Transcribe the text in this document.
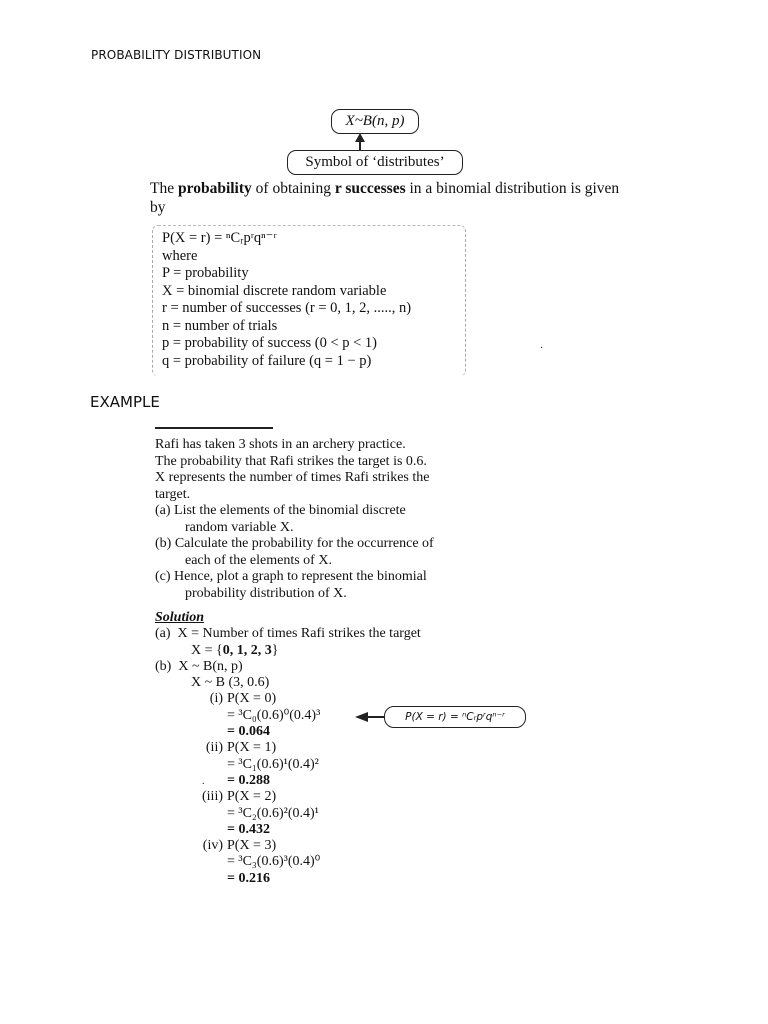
PROBABILITY DISTRIBUTION
X~B(n, p)
Symbol of ‘distributes’
The probability of obtaining r successes in a binomial distribution is given by
P(X = r) = ⁿCᵣpʳqⁿ⁻ʳ
where
P = probability
X = binomial discrete random variable
r = number of successes (r = 0, 1, 2, ....., n)
n = number of trials
p = probability of success (0 < p < 1)
q = probability of failure (q = 1 − p)
·
EXAMPLE
Rafi has taken 3 shots in an archery practice.
The probability that Rafi strikes the target is 0.6.
X represents the number of times Rafi strikes the
target.
(a) List the elements of the binomial discrete
random variable X.
(b) Calculate the probability for the occurrence of
each of the elements of X.
(c) Hence, plot a graph to represent the binomial
probability distribution of X.
Solution
(a) X = Number of times Rafi strikes the target
X = {0, 1, 2, 3}
(b) X ~ B(n, p)
X ~ B (3, 0.6)
(i) P(X = 0)
= ³C₀(0.6)⁰(0.4)³
= 0.064
(ii) P(X = 1)
= ³C₁(0.6)¹(0.4)²
= 0.288
(iii) P(X = 2)
= ³C₂(0.6)²(0.4)¹
= 0.432
(iv) P(X = 3)
= ³C₃(0.6)³(0.4)⁰
= 0.216
P(X = r) = ⁿCᵣpʳqⁿ⁻ʳ
.
